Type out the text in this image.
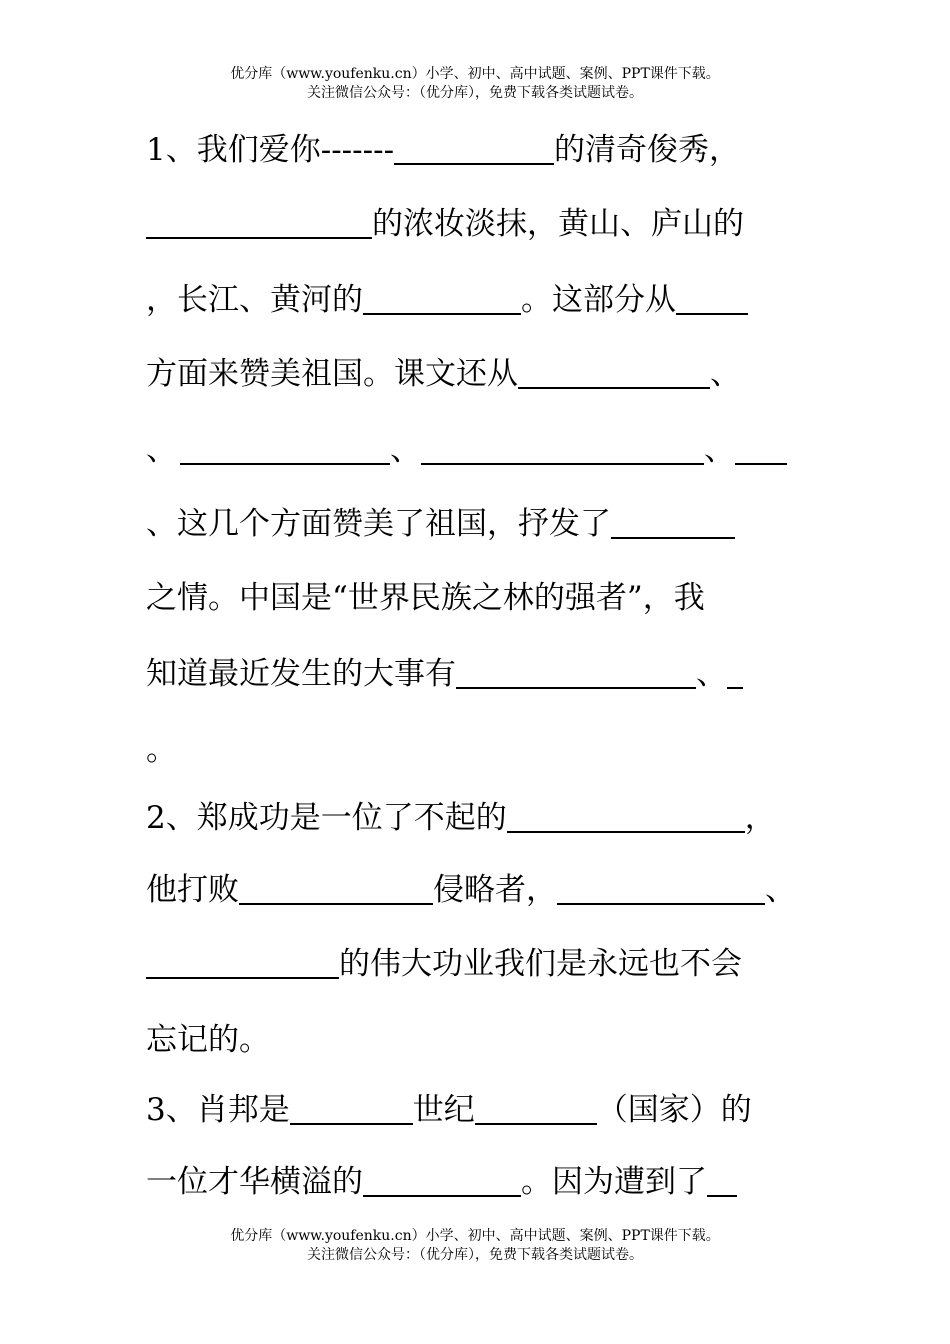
优分库（www.youfenku.cn）小学、初中、高中试题、案例、PPT课件下载。
关注微信公众号：（优分库），免费下载各类试题试卷。
1、我们爱你-------	的清奇俊秀，
的浓妆淡抹，黄山、庐山的
，长江、黄河的	。这部分从
方面来赞美祖国。课文还从	、
、	、	、
、这几个方面赞美了祖国，抒发了
之情。中国是“世界民族之林的强者”，我
知道最近发生的大事有	、
。
2、郑成功是一位了不起的	，
他打败	侵略者，	、
的伟大功业我们是永远也不会
忘记的。
3、肖邦是	世纪	（国家）的
一位才华横溢的	。因为遭到了
优分库（www.youfenku.cn）小学、初中、高中试题、案例、PPT课件下载。
关注微信公众号：（优分库），免费下载各类试题试卷。
